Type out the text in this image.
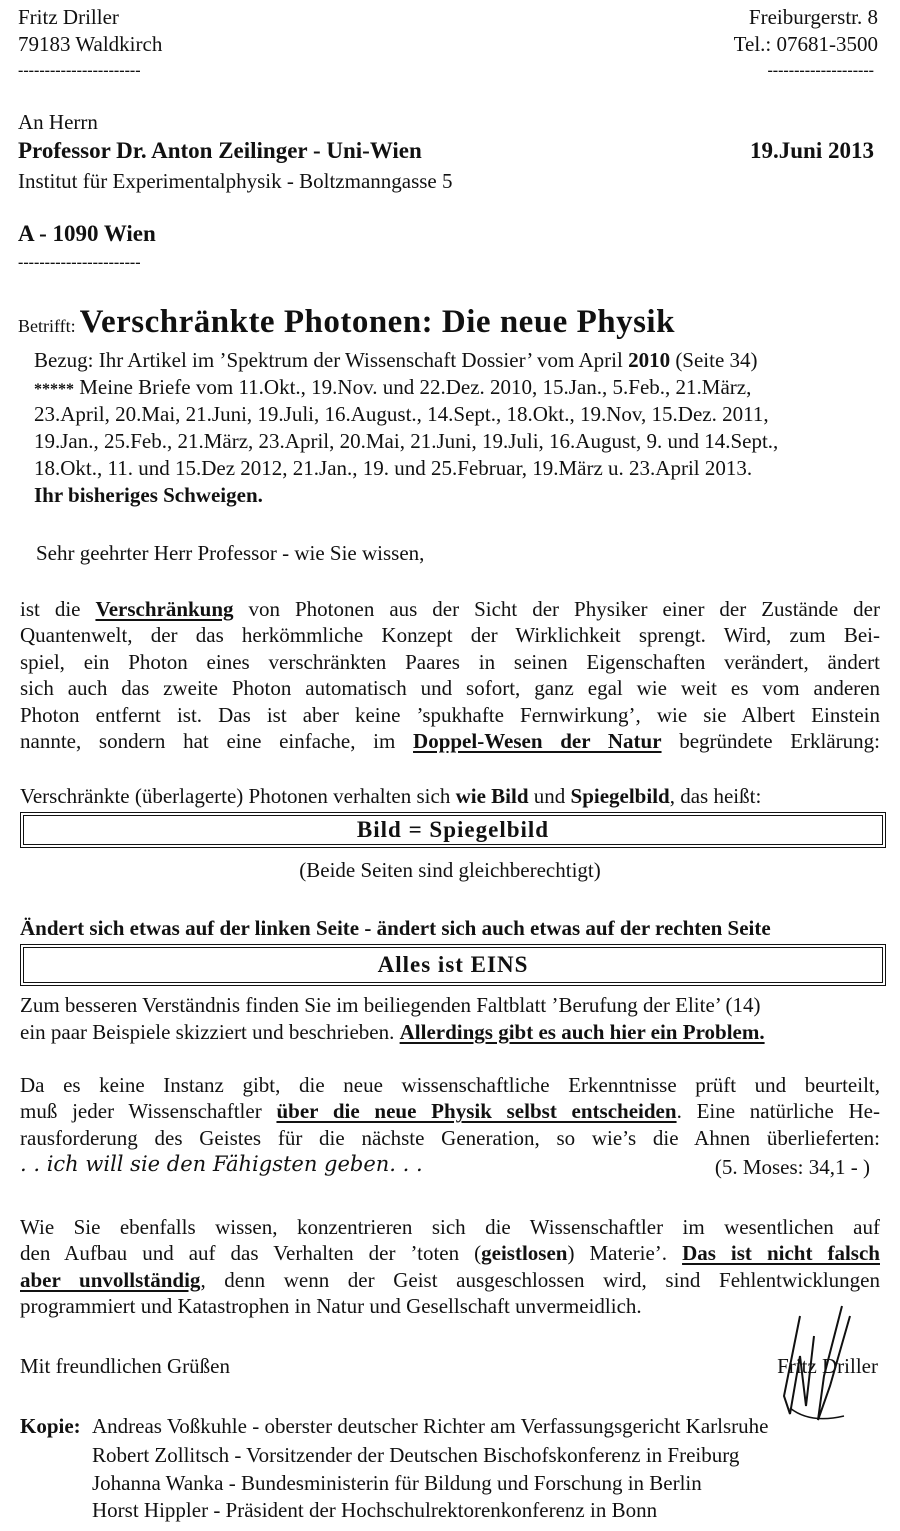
Fritz Driller
79183 Waldkirch
-----------------------
Freiburgerstr. 8
Tel.: 07681-3500
--------------------
An Herrn
Professor Dr. Anton Zeilinger - Uni-Wien
Institut für Experimentalphysik - Boltzmanngasse 5
A - 1090 Wien
-----------------------
19.Juni 2013
Betrifft: Verschränkte Photonen: Die neue Physik
Bezug: Ihr Artikel im ’Spektrum der Wissenschaft Dossier’ vom April 2010 (Seite 34)
***** Meine Briefe vom 11.Okt., 19.Nov. und 22.Dez. 2010, 15.Jan., 5.Feb., 21.März,
23.April, 20.Mai, 21.Juni, 19.Juli, 16.August., 14.Sept., 18.Okt., 19.Nov, 15.Dez. 2011,
19.Jan., 25.Feb., 21.März, 23.April, 20.Mai, 21.Juni, 19.Juli, 16.August, 9. und 14.Sept.,
18.Okt., 11. und 15.Dez 2012, 21.Jan., 19. und 25.Februar, 19.März u. 23.April 2013.
Ihr bisheriges Schweigen.
Sehr geehrter Herr Professor - wie Sie wissen,
ist die Verschränkung von Photonen aus der Sicht der Physiker einer der Zustände der
Quantenwelt, der das herkömmliche Konzept der Wirklichkeit sprengt. Wird, zum Bei-
spiel, ein Photon eines verschränkten Paares in seinen Eigenschaften verändert, ändert
sich auch das zweite Photon automatisch und sofort, ganz egal wie weit es vom anderen
Photon entfernt ist. Das ist aber keine ’spukhafte Fernwirkung’, wie sie Albert Einstein
nannte, sondern hat eine einfache, im Doppel-Wesen der Natur begründete Erklärung:
Verschränkte (überlagerte) Photonen verhalten sich wie Bild und Spiegelbild, das heißt:
Bild = Spiegelbild
(Beide Seiten sind gleichberechtigt)
Ändert sich etwas auf der linken Seite - ändert sich auch etwas auf der rechten Seite
Alles ist EINS
Zum besseren Verständnis finden Sie im beiliegenden Faltblatt ’Berufung der Elite’ (14)
ein paar Beispiele skizziert und beschrieben. Allerdings gibt es auch hier ein Problem.
Da es keine Instanz gibt, die neue wissenschaftliche Erkenntnisse prüft und beurteilt,
muß jeder Wissenschaftler über die neue Physik selbst entscheiden. Eine natürliche He-
rausforderung des Geistes für die nächste Generation, so wie’s die Ahnen überlieferten:
. . ich will sie den Fähigsten geben. . .	(5. Moses: 34,1 - )
Wie Sie ebenfalls wissen, konzentrieren sich die Wissenschaftler im wesentlichen auf
den Aufbau und auf das Verhalten der ’toten (geistlosen) Materie’. Das ist nicht falsch
aber unvollständig, denn wenn der Geist ausgeschlossen wird, sind Fehlentwicklungen
programmiert und Katastrophen in Natur und Gesellschaft unvermeidlich.
Mit freundlichen Grüßen	Fritz Driller
Kopie: Andreas Voßkuhle - oberster deutscher Richter am Verfassungsgericht Karlsruhe
Robert Zollitsch - Vorsitzender der Deutschen Bischofskonferenz in Freiburg
Johanna Wanka - Bundesministerin für Bildung und Forschung in Berlin
Horst Hippler - Präsident der Hochschulrektorenkonferenz in Bonn
